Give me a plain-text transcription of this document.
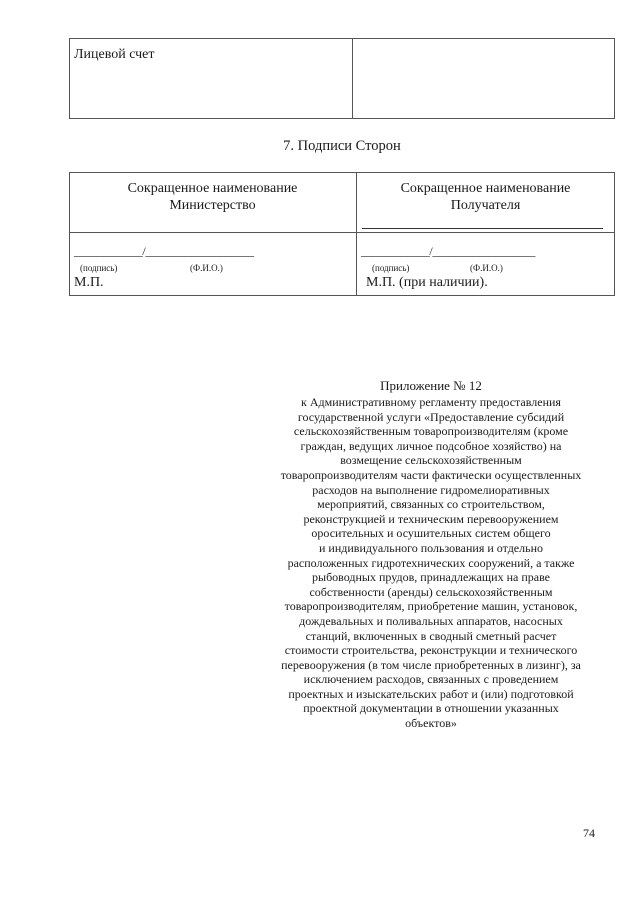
Лицевой счет
7. Подписи Сторон
Сокращенное наименование
Министерство
Сокращенное наименование
Получателя
____________/___________________
(подпись)	(Ф.И.О.)
М.П.
____________/__________________
(подпись)	(Ф.И.О.)
М.П. (при наличии).
Приложение № 12
к Административному регламенту предоставления
государственной услуги «Предоставление субсидий
сельскохозяйственным товаропроизводителям (кроме
граждан, ведущих личное подсобное хозяйство) на
возмещение сельскохозяйственным
товаропроизводителям части фактически осуществленных
расходов на выполнение гидромелиоративных
мероприятий, связанных со строительством,
реконструкцией и техническим перевооружением
оросительных и осушительных систем общего
и индивидуального пользования и отдельно
расположенных гидротехнических сооружений, а также
рыбоводных прудов, принадлежащих на праве
собственности (аренды) сельскохозяйственным
товаропроизводителям, приобретение машин, установок,
дождевальных и поливальных аппаратов, насосных
станций, включенных в сводный сметный расчет
стоимости строительства, реконструкции и технического
перевооружения (в том числе приобретенных в лизинг), за
исключением расходов, связанных с проведением
проектных и изыскательских работ и (или) подготовкой
проектной документации в отношении указанных
объектов»
74
